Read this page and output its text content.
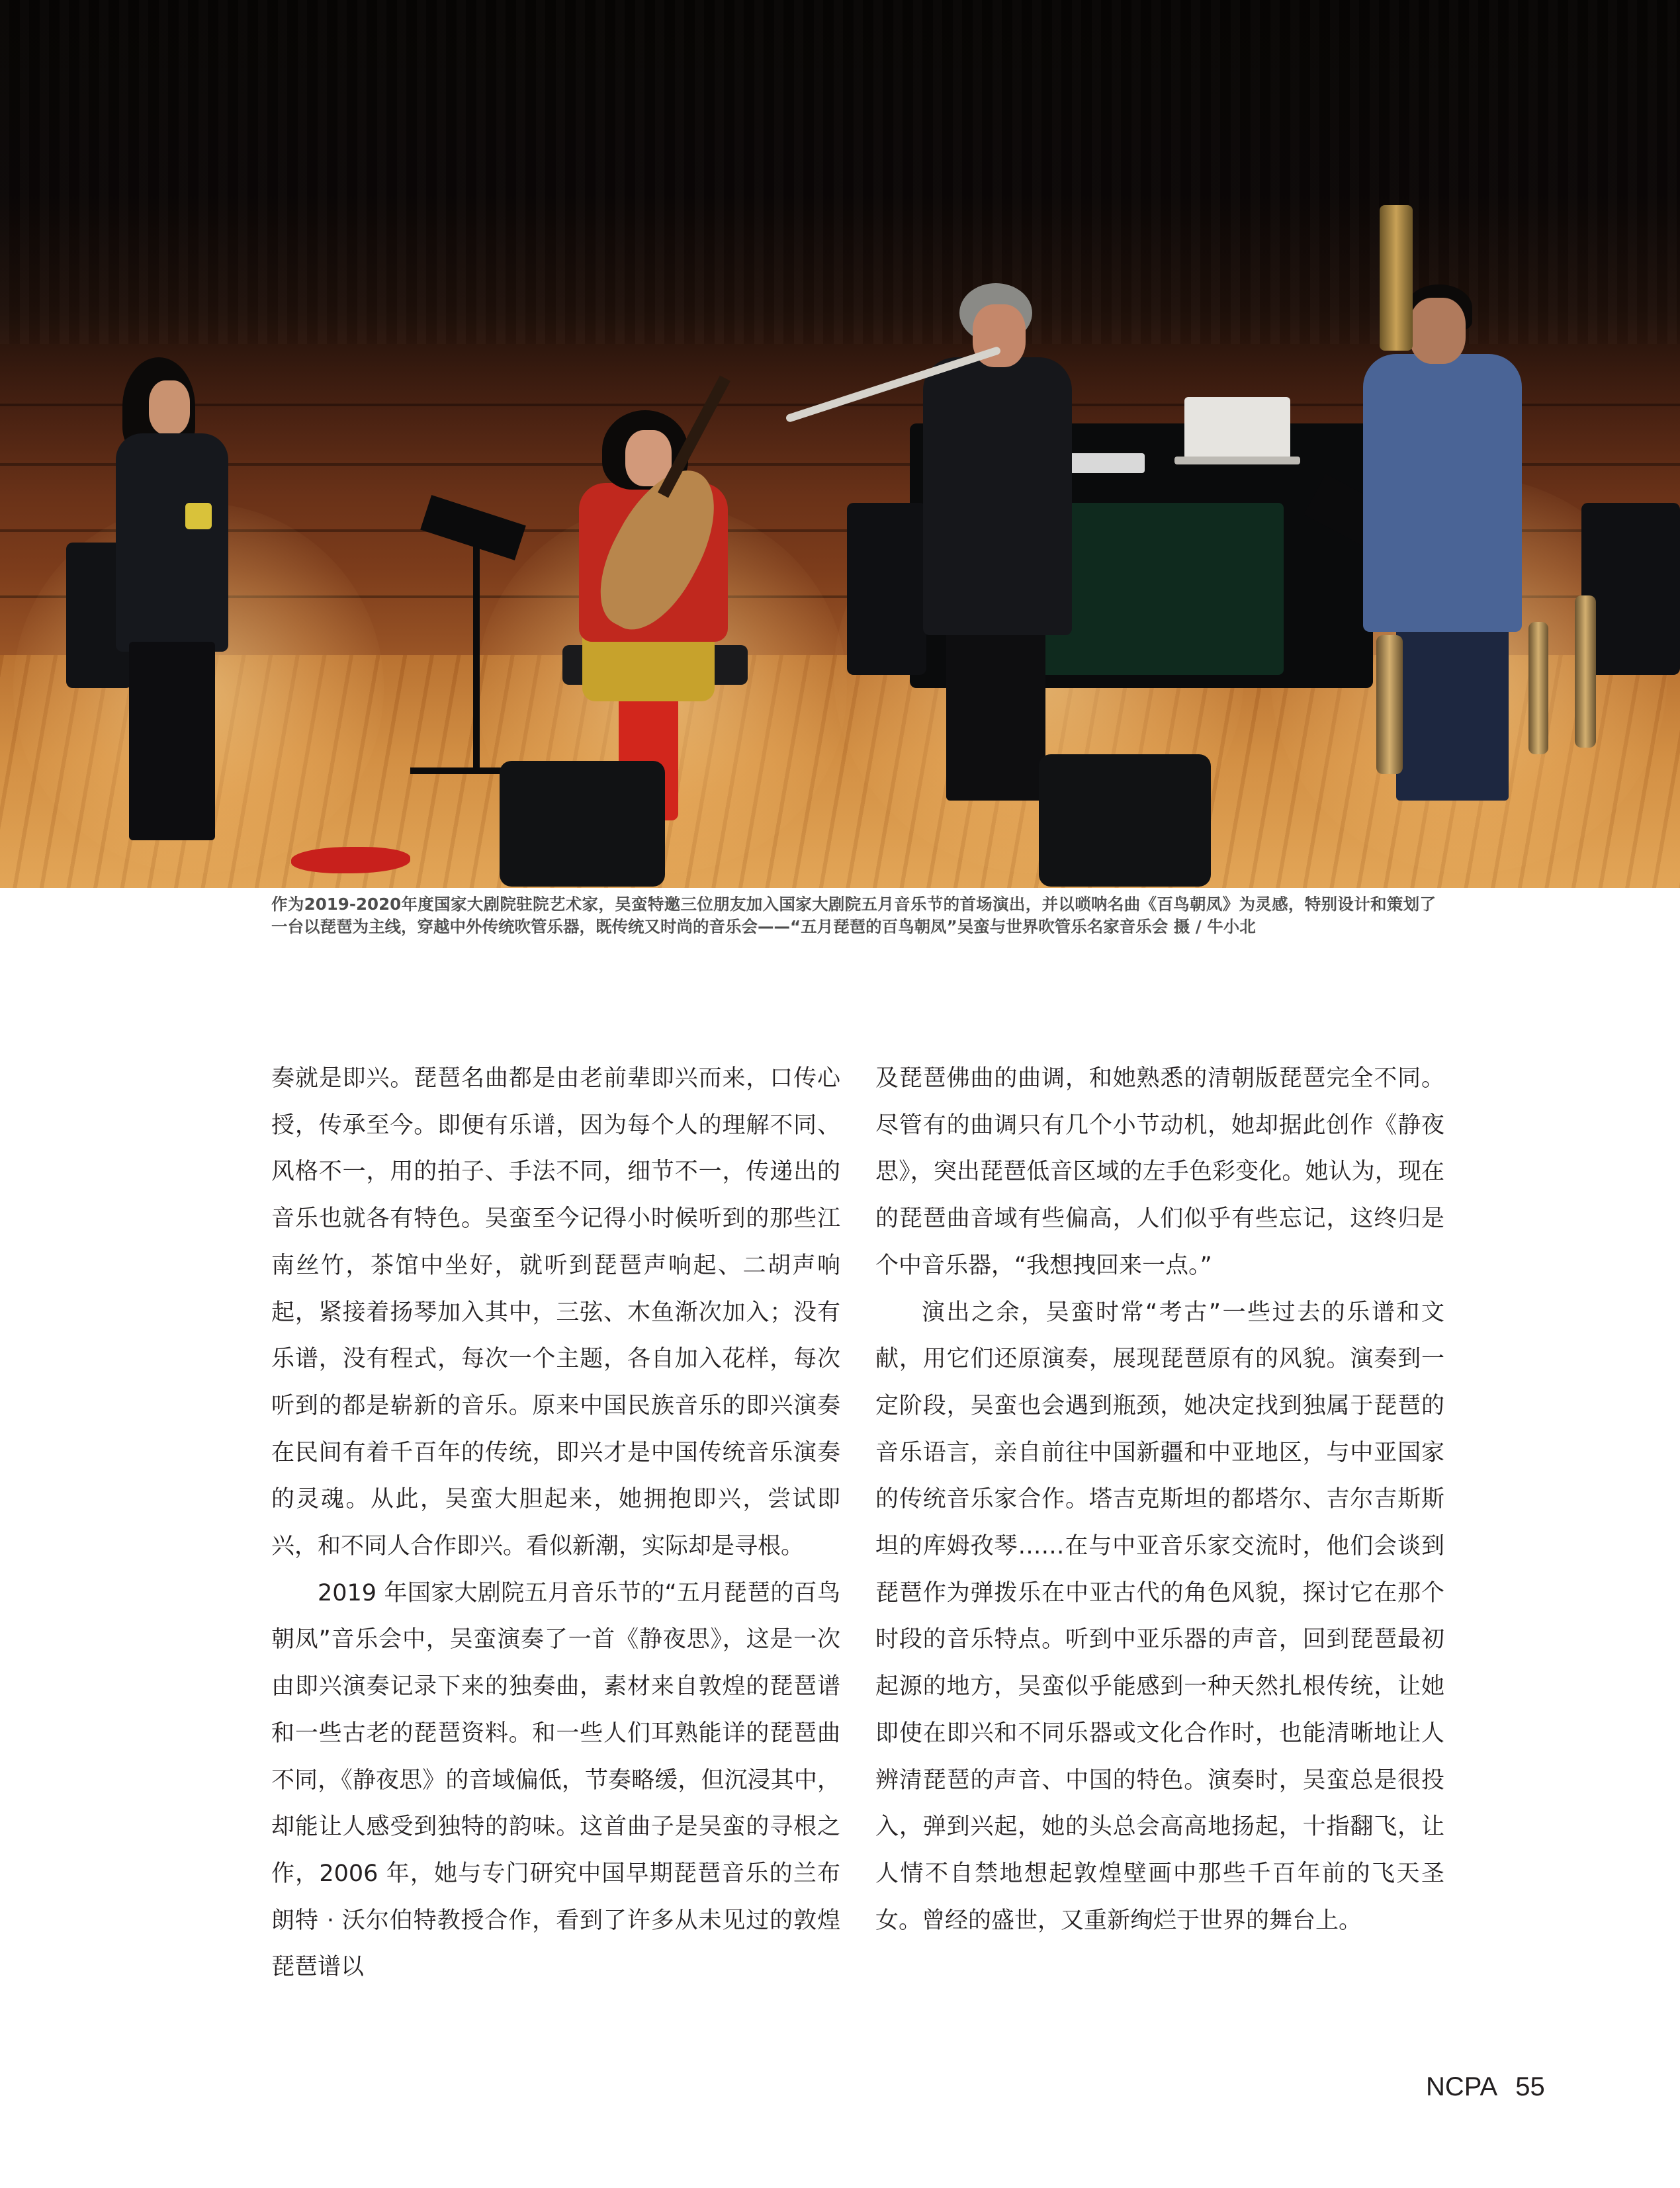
作为2019-2020年度国家大剧院驻院艺术家，吴蛮特邀三位朋友加入国家大剧院五月音乐节的首场演出，并以唢呐名曲《百鸟朝凤》为灵感，特别设计和策划了一台以琵琶为主线，穿越中外传统吹管乐器，既传统又时尚的音乐会——“五月琵琶的百鸟朝凤”吴蛮与世界吹管乐名家音乐会 摄 / 牛小北

奏就是即兴。琵琶名曲都是由老前辈即兴而来，口传心授，传承至今。即便有乐谱，因为每个人的理解不同、风格不一，用的拍子、手法不同，细节不一，传递出的音乐也就各有特色。吴蛮至今记得小时候听到的那些江南丝竹，茶馆中坐好，就听到琵琶声响起、二胡声响起，紧接着扬琴加入其中，三弦、木鱼渐次加入；没有乐谱，没有程式，每次一个主题，各自加入花样，每次听到的都是崭新的音乐。原来中国民族音乐的即兴演奏在民间有着千百年的传统，即兴才是中国传统音乐演奏的灵魂。从此，吴蛮大胆起来，她拥抱即兴，尝试即兴，和不同人合作即兴。看似新潮，实际却是寻根。

2019 年国家大剧院五月音乐节的“五月琵琶的百鸟朝凤”音乐会中，吴蛮演奏了一首《静夜思》，这是一次由即兴演奏记录下来的独奏曲，素材来自敦煌的琵琶谱和一些古老的琵琶资料。和一些人们耳熟能详的琵琶曲不同，《静夜思》的音域偏低，节奏略缓，但沉浸其中，却能让人感受到独特的韵味。这首曲子是吴蛮的寻根之作，2006 年，她与专门研究中国早期琵琶音乐的兰布朗特 · 沃尔伯特教授合作，看到了许多从未见过的敦煌琵琶谱以

及琵琶佛曲的曲调，和她熟悉的清朝版琵琶完全不同。尽管有的曲调只有几个小节动机，她却据此创作《静夜思》，突出琵琶低音区域的左手色彩变化。她认为，现在的琵琶曲音域有些偏高，人们似乎有些忘记，这终归是个中音乐器，“我想拽回来一点。”

演出之余，吴蛮时常“考古”一些过去的乐谱和文献，用它们还原演奏，展现琵琶原有的风貌。演奏到一定阶段，吴蛮也会遇到瓶颈，她决定找到独属于琵琶的音乐语言，亲自前往中国新疆和中亚地区，与中亚国家的传统音乐家合作。塔吉克斯坦的都塔尔、吉尔吉斯斯坦的库姆孜琴……在与中亚音乐家交流时，他们会谈到琵琶作为弹拨乐在中亚古代的角色风貌，探讨它在那个时段的音乐特点。听到中亚乐器的声音，回到琵琶最初起源的地方，吴蛮似乎能感到一种天然扎根传统，让她即使在即兴和不同乐器或文化合作时，也能清晰地让人辨清琵琶的声音、中国的特色。演奏时，吴蛮总是很投入，弹到兴起，她的头总会高高地扬起，十指翻飞，让人情不自禁地想起敦煌壁画中那些千百年前的飞天圣女。曾经的盛世，又重新绚烂于世界的舞台上。

NCPA 55
